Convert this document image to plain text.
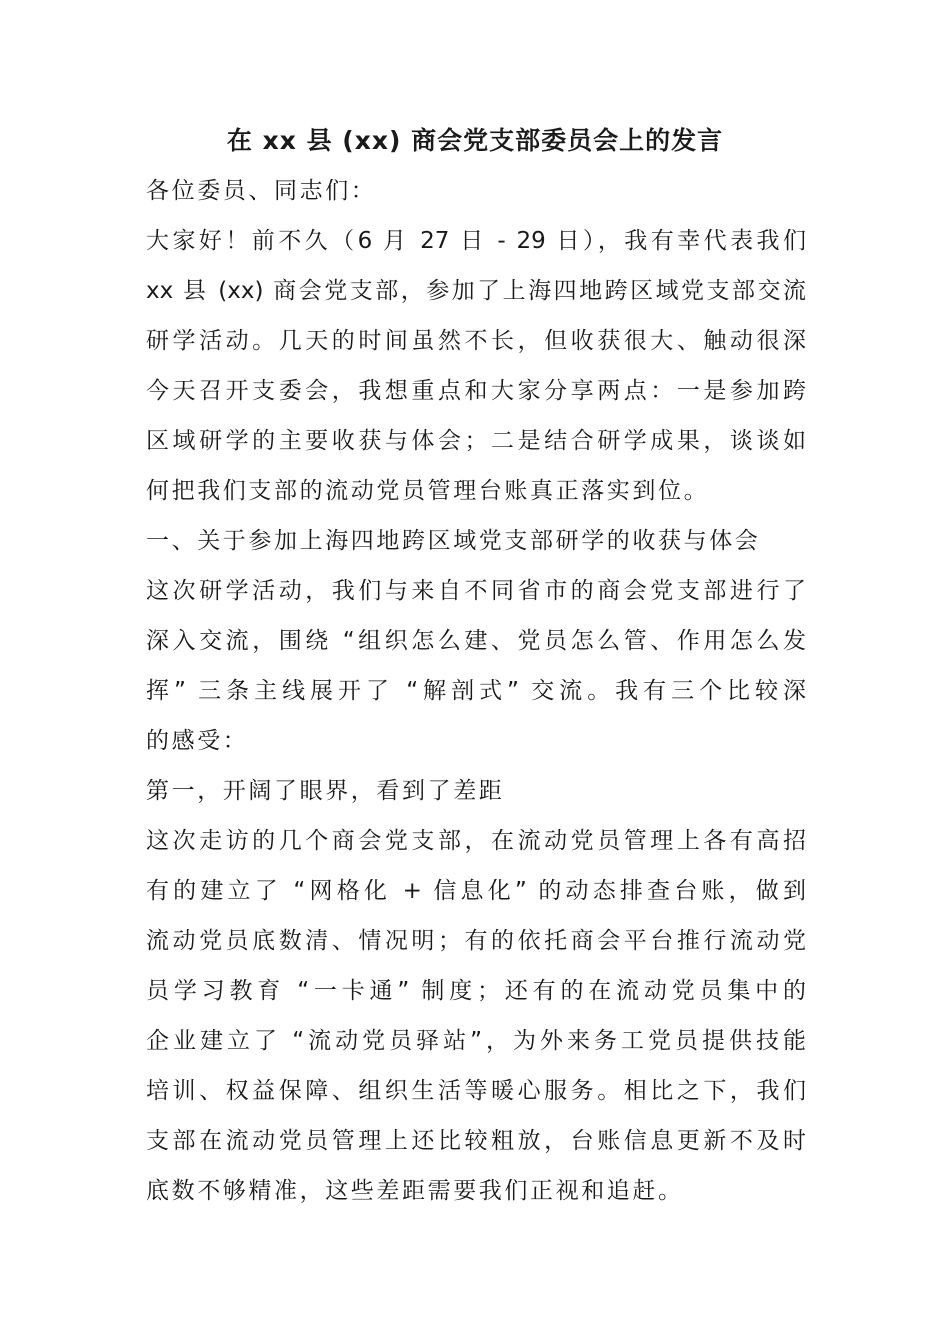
在 xx 县 (xx) 商会党支部委员会上的发言
各位委员、同志们：
大家好！前不久（6 月 27 日 - 29 日），我有幸代表我们
xx 县 (xx) 商会党支部，参加了上海四地跨区域党支部交流
研学活动。几天的时间虽然不长，但收获很大、触动很深
今天召开支委会，我想重点和大家分享两点：一是参加跨
区域研学的主要收获与体会；二是结合研学成果，谈谈如
何把我们支部的流动党员管理台账真正落实到位。
一、关于参加上海四地跨区域党支部研学的收获与体会
这次研学活动，我们与来自不同省市的商会党支部进行了
深入交流，围绕 “组织怎么建、党员怎么管、作用怎么发
挥” 三条主线展开了 “解剖式” 交流。我有三个比较深
的感受：
第一，开阔了眼界，看到了差距
这次走访的几个商会党支部，在流动党员管理上各有高招
有的建立了 “网格化 + 信息化” 的动态排查台账，做到
流动党员底数清、情况明；有的依托商会平台推行流动党
员学习教育 “一卡通” 制度；还有的在流动党员集中的
企业建立了 “流动党员驿站”，为外来务工党员提供技能
培训、权益保障、组织生活等暖心服务。相比之下，我们
支部在流动党员管理上还比较粗放，台账信息更新不及时
底数不够精准，这些差距需要我们正视和追赶。
